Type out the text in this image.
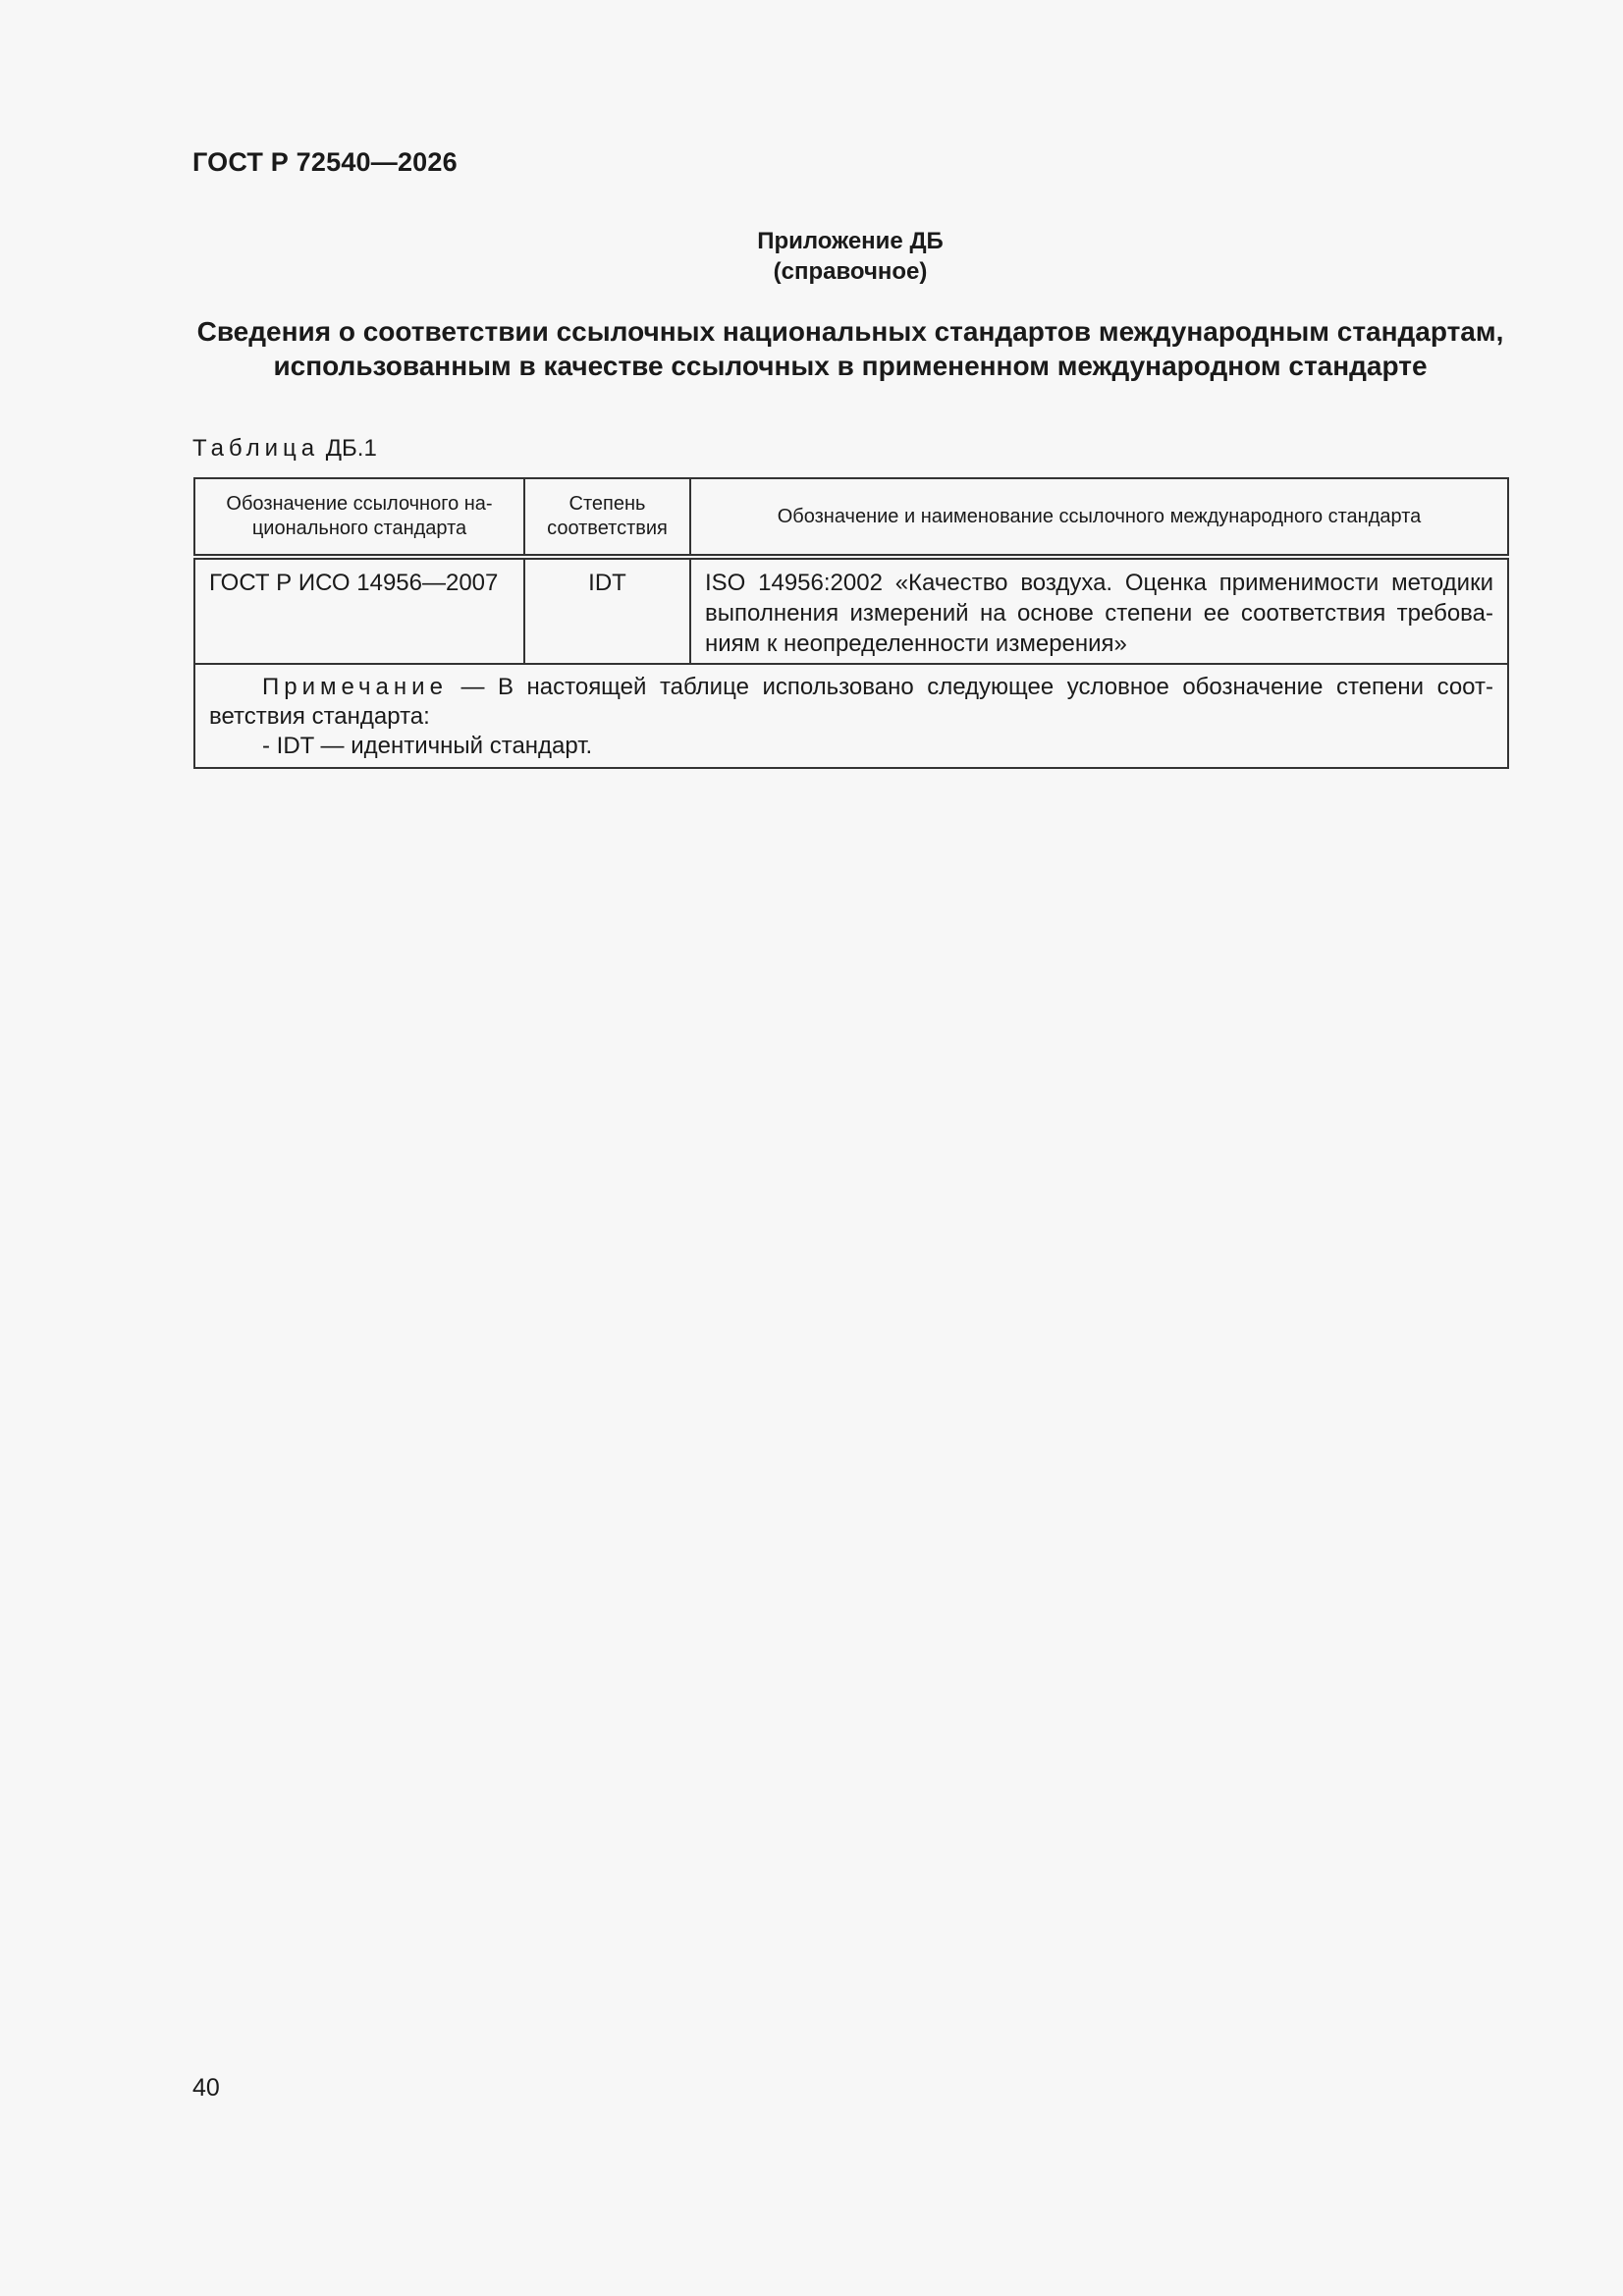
ГОСТ Р 72540—2026
Приложение ДБ
(справочное)
Сведения о соответствии ссылочных национальных стандартов международным стандартам,
использованным в качестве ссылочных в примененном международном стандарте
Таблица ДБ.1
Обозначение ссылочного на- ционального стандарта	Степень соответствия	Обозначение и наименование ссылочного международного стандарта
ГОСТ Р ИСО 14956—2007	IDT	ISO 14956:2002 «Качество воздуха. Оценка применимости методики выполнения измерений на основе степени ее соответствия требова- ниям к неопределенности измерения»

Примечание — В настоящей таблице использовано следующее условное обозначение степени соот- ветствия стандарта:

- IDT — идентичный стандарт.		

40
